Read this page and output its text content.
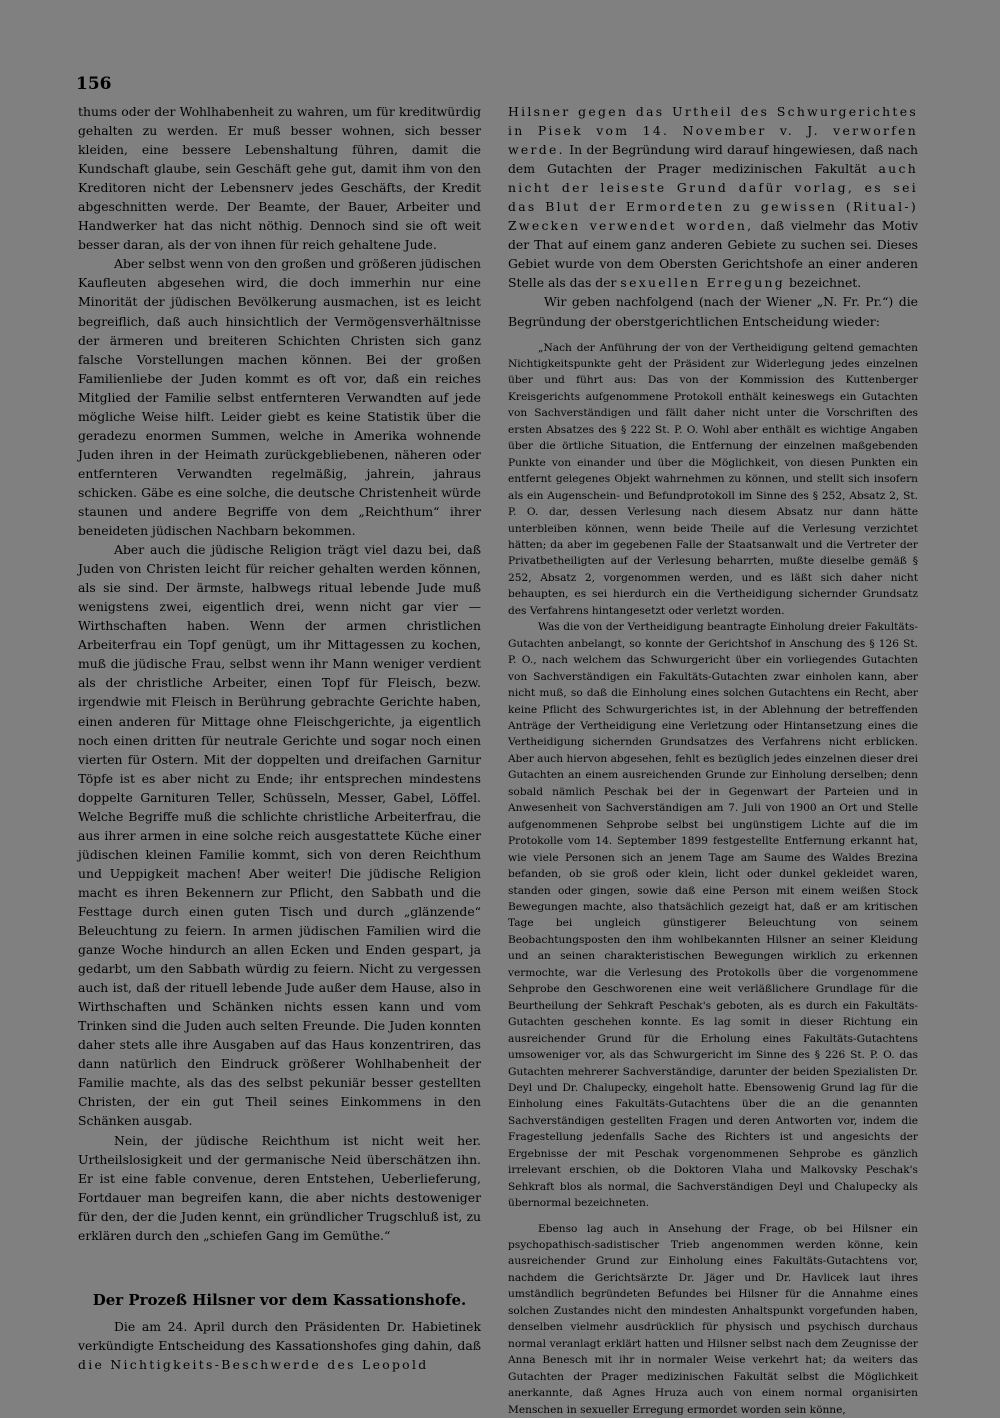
156

thums oder der Wohlhabenheit zu wahren, um für kreditwürdig gehalten zu werden. Er muß besser wohnen, sich besser kleiden, eine bessere Lebenshaltung führen, damit die Kundschaft glaube, sein Geschäft gehe gut, damit ihm von den Kreditoren nicht der Lebensnerv jedes Geschäfts, der Kredit abgeschnitten werde. Der Beamte, der Bauer, Arbeiter und Handwerker hat das nicht nöthig. Dennoch sind sie oft weit besser daran, als der von ihnen für reich gehaltene Jude.

Aber selbst wenn von den großen und größeren jüdischen Kaufleuten abgesehen wird, die doch immerhin nur eine Minorität der jüdischen Bevölkerung ausmachen, ist es leicht begreiflich, daß auch hinsichtlich der Vermögensverhältnisse der ärmeren und breiteren Schichten Christen sich ganz falsche Vorstellungen machen können. Bei der großen Familienliebe der Juden kommt es oft vor, daß ein reiches Mitglied der Familie selbst entfernteren Verwandten auf jede mögliche Weise hilft. Leider giebt es keine Statistik über die geradezu enormen Summen, welche in Amerika wohnende Juden ihren in der Heimath zurückgebliebenen, näheren oder entfernteren Verwandten regelmäßig, jahrein, jahraus schicken. Gäbe es eine solche, die deutsche Christenheit würde staunen und andere Begriffe von dem „Reichthum“ ihrer beneideten jüdischen Nachbarn bekommen.

Aber auch die jüdische Religion trägt viel dazu bei, daß Juden von Christen leicht für reicher gehalten werden können, als sie sind. Der ärmste, halbwegs ritual lebende Jude muß wenigstens zwei, eigentlich drei, wenn nicht gar vier — Wirthschaften haben. Wenn der armen christlichen Arbeiterfrau ein Topf genügt, um ihr Mittagessen zu kochen, muß die jüdische Frau, selbst wenn ihr Mann weniger verdient als der christliche Arbeiter, einen Topf für Fleisch, bezw. irgendwie mit Fleisch in Berührung gebrachte Gerichte haben, einen anderen für Mittage ohne Fleischgerichte, ja eigentlich noch einen dritten für neutrale Gerichte und sogar noch einen vierten für Ostern. Mit der doppelten und dreifachen Garnitur Töpfe ist es aber nicht zu Ende; ihr entsprechen mindestens doppelte Garnituren Teller, Schüsseln, Messer, Gabel, Löffel. Welche Begriffe muß die schlichte christliche Arbeiterfrau, die aus ihrer armen in eine solche reich ausgestattete Küche einer jüdischen kleinen Familie kommt, sich von deren Reichthum und Ueppigkeit machen! Aber weiter! Die jüdische Religion macht es ihren Bekennern zur Pflicht, den Sabbath und die Festtage durch einen guten Tisch und durch „glänzende“ Beleuchtung zu feiern. In armen jüdischen Familien wird die ganze Woche hindurch an allen Ecken und Enden gespart, ja gedarbt, um den Sabbath würdig zu feiern. Nicht zu vergessen auch ist, daß der rituell lebende Jude außer dem Hause, also in Wirthschaften und Schänken nichts essen kann und vom Trinken sind die Juden auch selten Freunde. Die Juden konnten daher stets alle ihre Ausgaben auf das Haus konzentriren, das dann natürlich den Eindruck größerer Wohlhabenheit der Familie machte, als das des selbst pekuniär besser gestellten Christen, der ein gut Theil seines Einkommens in den Schänken ausgab.

Nein, der jüdische Reichthum ist nicht weit her. Urtheilslosigkeit und der germanische Neid überschätzen ihn. Er ist eine fable convenue, deren Entstehen, Ueberlieferung, Fortdauer man begreifen kann, die aber nichts destoweniger für den, der die Juden kennt, ein gründlicher Trugschluß ist, zu erklären durch den „schiefen Gang im Gemüthe.“

Der Prozeß Hilsner vor dem Kassationshofe.

Die am 24. April durch den Präsidenten Dr. Habietinek verkündigte Entscheidung des Kassationshofes ging dahin, daß die Nichtigkeits-Beschwerde des Leopold

Hilsner gegen das Urtheil des Schwurgerichtes in Pisek vom 14. November v. J. verworfen werde. In der Begründung wird darauf hingewiesen, daß nach dem Gutachten der Prager medizinischen Fakultät auch nicht der leiseste Grund dafür vorlag, es sei das Blut der Ermordeten zu gewissen (Ritual-) Zwecken verwendet worden, daß vielmehr das Motiv der That auf einem ganz anderen Gebiete zu suchen sei. Dieses Gebiet wurde von dem Obersten Gerichtshofe an einer anderen Stelle als das der sexuellen Erregung bezeichnet.

Wir geben nachfolgend (nach der Wiener „N. Fr. Pr.“) die Begründung der oberstgerichtlichen Entscheidung wieder:

„Nach der Anführung der von der Vertheidigung geltend gemachten Nichtigkeitspunkte geht der Präsident zur Widerlegung jedes einzelnen über und führt aus: Das von der Kommission des Kuttenberger Kreisgerichts aufgenommene Protokoll enthält keineswegs ein Gutachten von Sachverständigen und fällt daher nicht unter die Vorschriften des ersten Absatzes des § 222 St. P. O. Wohl aber enthält es wichtige Angaben über die örtliche Situation, die Entfernung der einzelnen maßgebenden Punkte von einander und über die Möglichkeit, von diesen Punkten ein entfernt gelegenes Objekt wahrnehmen zu können, und stellt sich insofern als ein Augenschein- und Befundprotokoll im Sinne des § 252, Absatz 2, St. P. O. dar, dessen Verlesung nach diesem Absatz nur dann hätte unterbleiben können, wenn beide Theile auf die Verlesung verzichtet hätten; da aber im gegebenen Falle der Staatsanwalt und die Vertreter der Privatbetheiligten auf der Verlesung beharrten, mußte dieselbe gemäß § 252, Absatz 2, vorgenommen werden, und es läßt sich daher nicht behaupten, es sei hierdurch ein die Vertheidigung sichernder Grundsatz des Verfahrens hintangesetzt oder verletzt worden.

Was die von der Vertheidigung beantragte Einholung dreier Fakultäts-Gutachten anbelangt, so konnte der Gerichtshof in Anschung des § 126 St. P. O., nach welchem das Schwurgericht über ein vorliegendes Gutachten von Sachverständigen ein Fakultäts-Gutachten zwar einholen kann, aber nicht muß, so daß die Einholung eines solchen Gutachtens ein Recht, aber keine Pflicht des Schwurgerichtes ist, in der Ablehnung der betreffenden Anträge der Vertheidigung eine Verletzung oder Hintansetzung eines die Vertheidigung sichernden Grundsatzes des Verfahrens nicht erblicken. Aber auch hiervon abgesehen, fehlt es bezüglich jedes einzelnen dieser drei Gutachten an einem ausreichenden Grunde zur Einholung derselben; denn sobald nämlich Peschak bei der in Gegenwart der Parteien und in Anwesenheit von Sachverständigen am 7. Juli von 1900 an Ort und Stelle aufgenommenen Sehprobe selbst bei ungünstigem Lichte auf die im Protokolle vom 14. September 1899 festgestellte Entfernung erkannt hat, wie viele Personen sich an jenem Tage am Saume des Waldes Brezina befanden, ob sie groß oder klein, licht oder dunkel gekleidet waren, standen oder gingen, sowie daß eine Person mit einem weißen Stock Bewegungen machte, also thatsächlich gezeigt hat, daß er am kritischen Tage bei ungleich günstigerer Beleuchtung von seinem Beobachtungsposten den ihm wohlbekannten Hilsner an seiner Kleidung und an seinen charakteristischen Bewegungen wirklich zu erkennen vermochte, war die Verlesung des Protokolls über die vorgenommene Sehprobe den Geschworenen eine weit verläßlichere Grundlage für die Beurtheilung der Sehkraft Peschak's geboten, als es durch ein Fakultäts-Gutachten geschehen konnte. Es lag somit in dieser Richtung ein ausreichender Grund für die Erholung eines Fakultäts-Gutachtens umsoweniger vor, als das Schwurgericht im Sinne des § 226 St. P. O. das Gutachten mehrerer Sachverständige, darunter der beiden Spezialisten Dr. Deyl und Dr. Chalupecky, eingeholt hatte. Ebensowenig Grund lag für die Einholung eines Fakultäts-Gutachtens über die an die genannten Sachverständigen gestellten Fragen und deren Antworten vor, indem die Fragestellung jedenfalls Sache des Richters ist und angesichts der Ergebnisse der mit Peschak vorgenommenen Sehprobe es gänzlich irrelevant erschien, ob die Doktoren Vlaha und Malkovsky Peschak's Sehkraft blos als normal, die Sachverständigen Deyl und Chalupecky als übernormal bezeichneten.

Ebenso lag auch in Ansehung der Frage, ob bei Hilsner ein psychopathisch-sadistischer Trieb angenommen werden könne, kein ausreichender Grund zur Einholung eines Fakultäts-Gutachtens vor, nachdem die Gerichtsärzte Dr. Jäger und Dr. Havlicek laut ihres umständlich begründeten Befundes bei Hilsner für die Annahme eines solchen Zustandes nicht den mindesten Anhaltspunkt vorgefunden haben, denselben vielmehr ausdrücklich für physisch und psychisch durchaus normal veranlagt erklärt hatten und Hilsner selbst nach dem Zeugnisse der Anna Benesch mit ihr in normaler Weise verkehrt hat; da weiters das Gutachten der Prager medizinischen Fakultät selbst die Möglichkeit anerkannte, daß Agnes Hruza auch von einem normal organisirten Menschen in sexueller Erregung ermordet worden sein könne,
